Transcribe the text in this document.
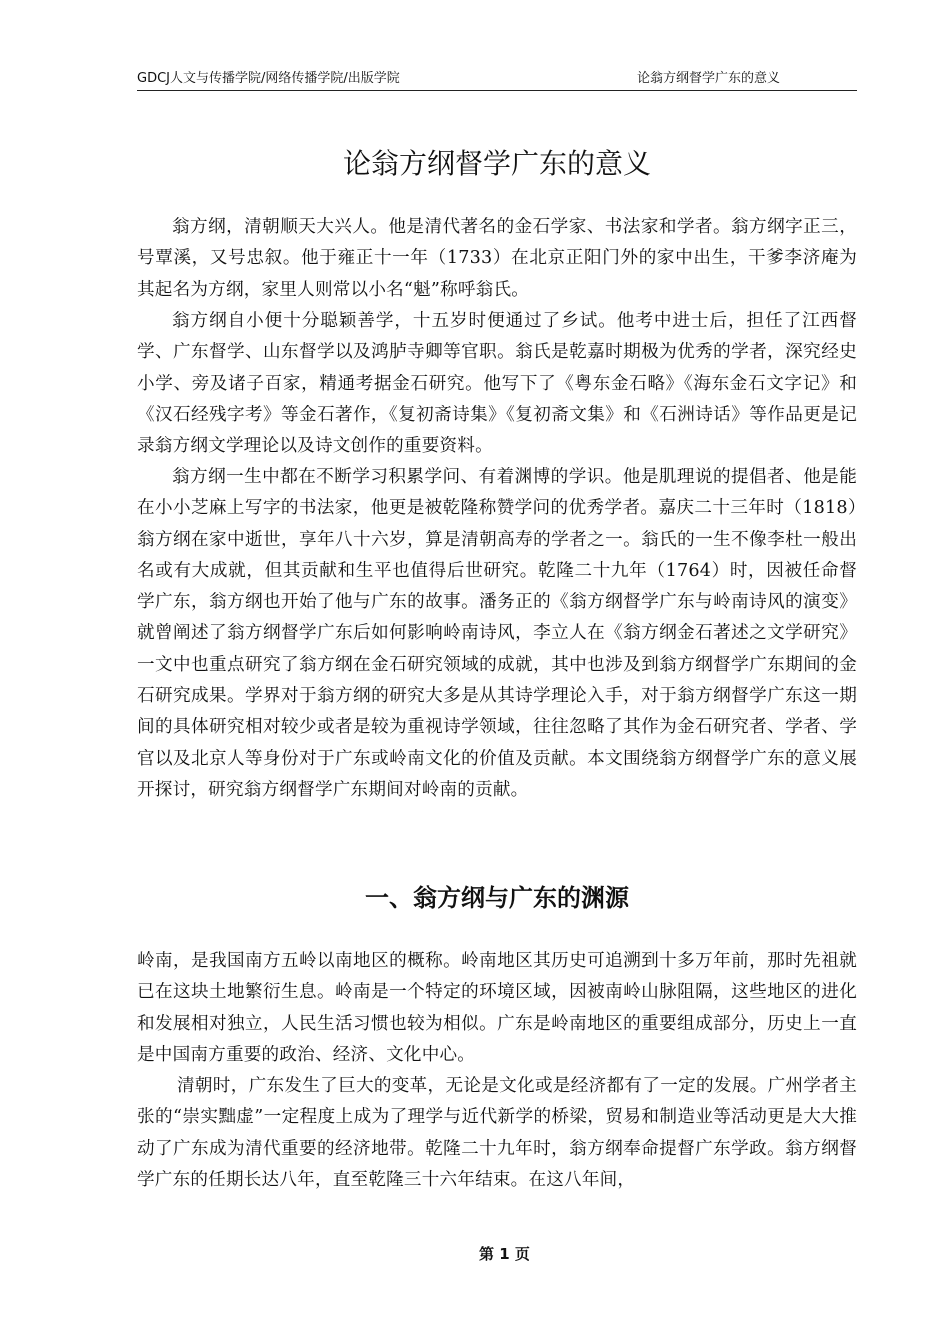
GDCJ人文与传播学院/网络传播学院/出版学院	论翁方纲督学广东的意义
论翁方纲督学广东的意义

翁方纲，清朝顺天大兴人。他是清代著名的金石学家、书法家和学者。翁方纲字正三，号覃溪，又号忠叙。他于雍正十一年（1733）在北京正阳门外的家中出生，干爹李济庵为其起名为方纲，家里人则常以小名“魁”称呼翁氏。

翁方纲自小便十分聪颖善学，十五岁时便通过了乡试。他考中进士后，担任了江西督学、广东督学、山东督学以及鸿胪寺卿等官职。翁氏是乾嘉时期极为优秀的学者，深究经史小学、旁及诸子百家，精通考据金石研究。他写下了《粤东金石略》《海东金石文字记》和《汉石经残字考》等金石著作，《复初斋诗集》《复初斋文集》和《石洲诗话》等作品更是记录翁方纲文学理论以及诗文创作的重要资料。

翁方纲一生中都在不断学习积累学问、有着渊博的学识。他是肌理说的提倡者、他是能在小小芝麻上写字的书法家，他更是被乾隆称赞学问的优秀学者。嘉庆二十三年时（1818）翁方纲在家中逝世，享年八十六岁，算是清朝高寿的学者之一。翁氏的一生不像李杜一般出名或有大成就，但其贡献和生平也值得后世研究。乾隆二十九年（1764）时，因被任命督学广东，翁方纲也开始了他与广东的故事。潘务正的《翁方纲督学广东与岭南诗风的演变》就曾阐述了翁方纲督学广东后如何影响岭南诗风，李立人在《翁方纲金石著述之文学研究》一文中也重点研究了翁方纲在金石研究领域的成就，其中也涉及到翁方纲督学广东期间的金石研究成果。学界对于翁方纲的研究大多是从其诗学理论入手，对于翁方纲督学广东这一期间的具体研究相对较少或者是较为重视诗学领域，往往忽略了其作为金石研究者、学者、学官以及北京人等身份对于广东或岭南文化的价值及贡献。本文围绕翁方纲督学广东的意义展开探讨，研究翁方纲督学广东期间对岭南的贡献。

一、翁方纲与广东的渊源

岭南，是我国南方五岭以南地区的概称。岭南地区其历史可追溯到十多万年前，那时先祖就已在这块土地繁衍生息。岭南是一个特定的环境区域，因被南岭山脉阻隔，这些地区的进化和发展相对独立，人民生活习惯也较为相似。广东是岭南地区的重要组成部分，历史上一直是中国南方重要的政治、经济、文化中心。

清朝时，广东发生了巨大的变革，无论是文化或是经济都有了一定的发展。广州学者主张的“崇实黜虚”一定程度上成为了理学与近代新学的桥梁，贸易和制造业等活动更是大大推动了广东成为清代重要的经济地带。乾隆二十九年时，翁方纲奉命提督广东学政。翁方纲督学广东的任期长达八年，直至乾隆三十六年结束。在这八年间，

第 1 页
